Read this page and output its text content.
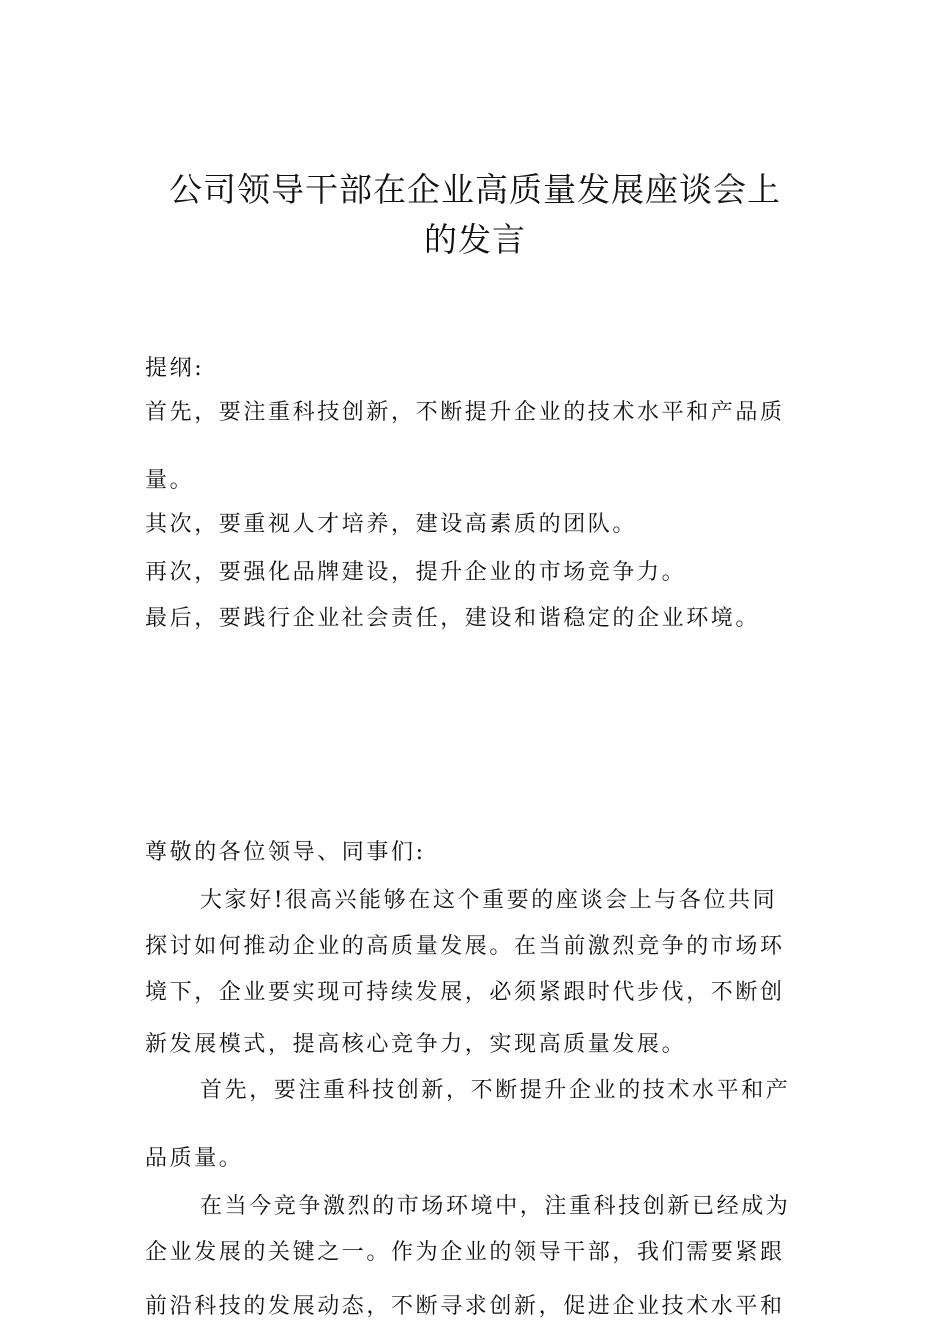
公司领导干部在企业高质量发展座谈会上
的发言

提纲:

首先，要注重科技创新，不断提升企业的技术水平和产品质

量。

其次，要重视人才培养，建设高素质的团队。

再次，要强化品牌建设，提升企业的市场竞争力。

最后，要践行企业社会责任，建设和谐稳定的企业环境。

尊敬的各位领导、同事们:

大家好!很高兴能够在这个重要的座谈会上与各位共同

探讨如何推动企业的高质量发展。在当前激烈竞争的市场环

境下，企业要实现可持续发展，必须紧跟时代步伐，不断创

新发展模式，提高核心竞争力，实现高质量发展。

首先，要注重科技创新，不断提升企业的技术水平和产

品质量。

在当今竞争激烈的市场环境中，注重科技创新已经成为

企业发展的关键之一。作为企业的领导干部，我们需要紧跟

前沿科技的发展动态，不断寻求创新，促进企业技术水平和
